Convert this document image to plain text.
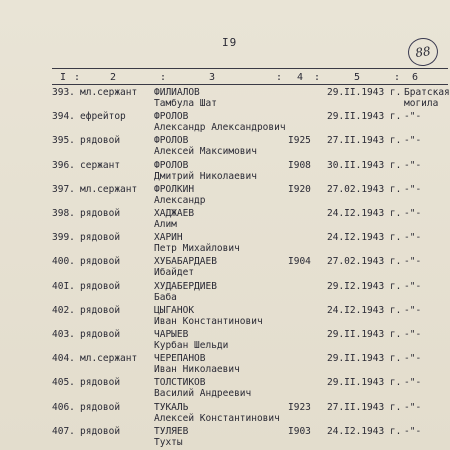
I9
88
I :	2	:	3	: 4 :	5	: 6
393. мл.сержант ФИЛИАЛОВ	29.II.1943 г. Братская
Тамбула Шат	могила
394. ефрейтор	ФРОЛОВ	29.II.1943 г. -"-
Александр Александрович
395. рядовой	ФРОЛОВ	I925 27.II.1943 г. -"-
Алексей Максимович
396. сержант	ФРОЛОВ	I908 30.II.1943 г. -"-
Дмитрий Николаевич
397. мл.сержант ФРОЛКИН	I920 27.02.1943 г. -"-
Александр
398. рядовой	ХАДЖАЕВ	24.I2.1943 г. -"-
Алим
399. рядовой	ХАРИН	24.I2.1943 г. -"-
Петр Михайлович
400. рядовой	ХУБАБАРДАЕВ	I904 27.02.1943 г. -"-
Ибайдет
40I. рядовой	ХУДАБЕРДИЕВ	29.I2.1943 г. -"-
Баба
402. рядовой	ЦЫГАНОК	24.I2.1943 г. -"-
Иван Константинович
403. рядовой	ЧАРЫЕВ	29.II.1943 г. -"-
Курбан Шельди
404. мл.сержант ЧЕРЕПАНОВ	29.II.1943 г. -"-
Иван Николаевич
405. рядовой	ТОЛСТИКОВ	29.II.1943 г. -"-
Василий Андреевич
406. рядовой	ТУКАЛЬ	I923 27.II.1943 г. -"-
Алексей Константинович
407. рядовой	ТУЛЯЕВ	I903 24.I2.1943 г. -"-
Тухты
